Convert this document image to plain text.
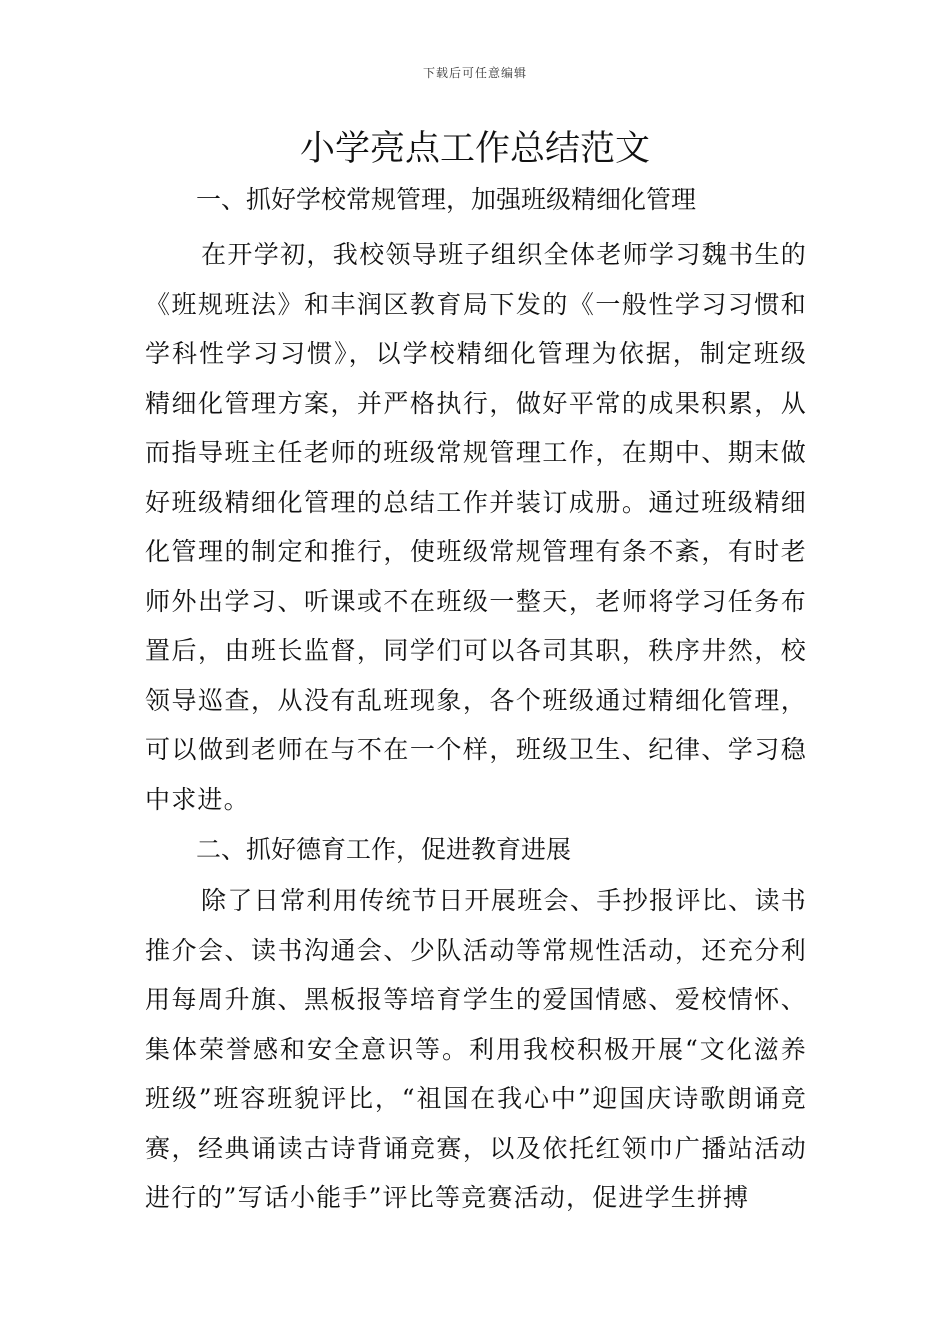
下载后可任意编辑
小学亮点工作总结范文

一、抓好学校常规管理，加强班级精细化管理

在开学初，我校领导班子组织全体老师学习魏书生的《班规班法》和丰润区教育局下发的《一般性学习习惯和学科性学习习惯》，以学校精细化管理为依据，制定班级精细化管理方案，并严格执行，做好平常的成果积累，从而指导班主任老师的班级常规管理工作，在期中、期末做好班级精细化管理的总结工作并装订成册。通过班级精细化管理的制定和推行，使班级常规管理有条不紊，有时老师外出学习、听课或不在班级一整天，老师将学习任务布置后，由班长监督，同学们可以各司其职，秩序井然，校领导巡查，从没有乱班现象，各个班级通过精细化管理，可以做到老师在与不在一个样，班级卫生、纪律、学习稳中求进。

二、抓好德育工作，促进教育进展

除了日常利用传统节日开展班会、手抄报评比、读书推介会、读书沟通会、少队活动等常规性活动，还充分利用每周升旗、黑板报等培育学生的爱国情感、爱校情怀、集体荣誉感和安全意识等。利用我校积极开展“文化滋养班级”班容班貌评比，“祖国在我心中”迎国庆诗歌朗诵竞赛，经典诵读古诗背诵竞赛，以及依托红领巾广播站活动进行的”写话小能手”评比等竞赛活动，促进学生拼搏
